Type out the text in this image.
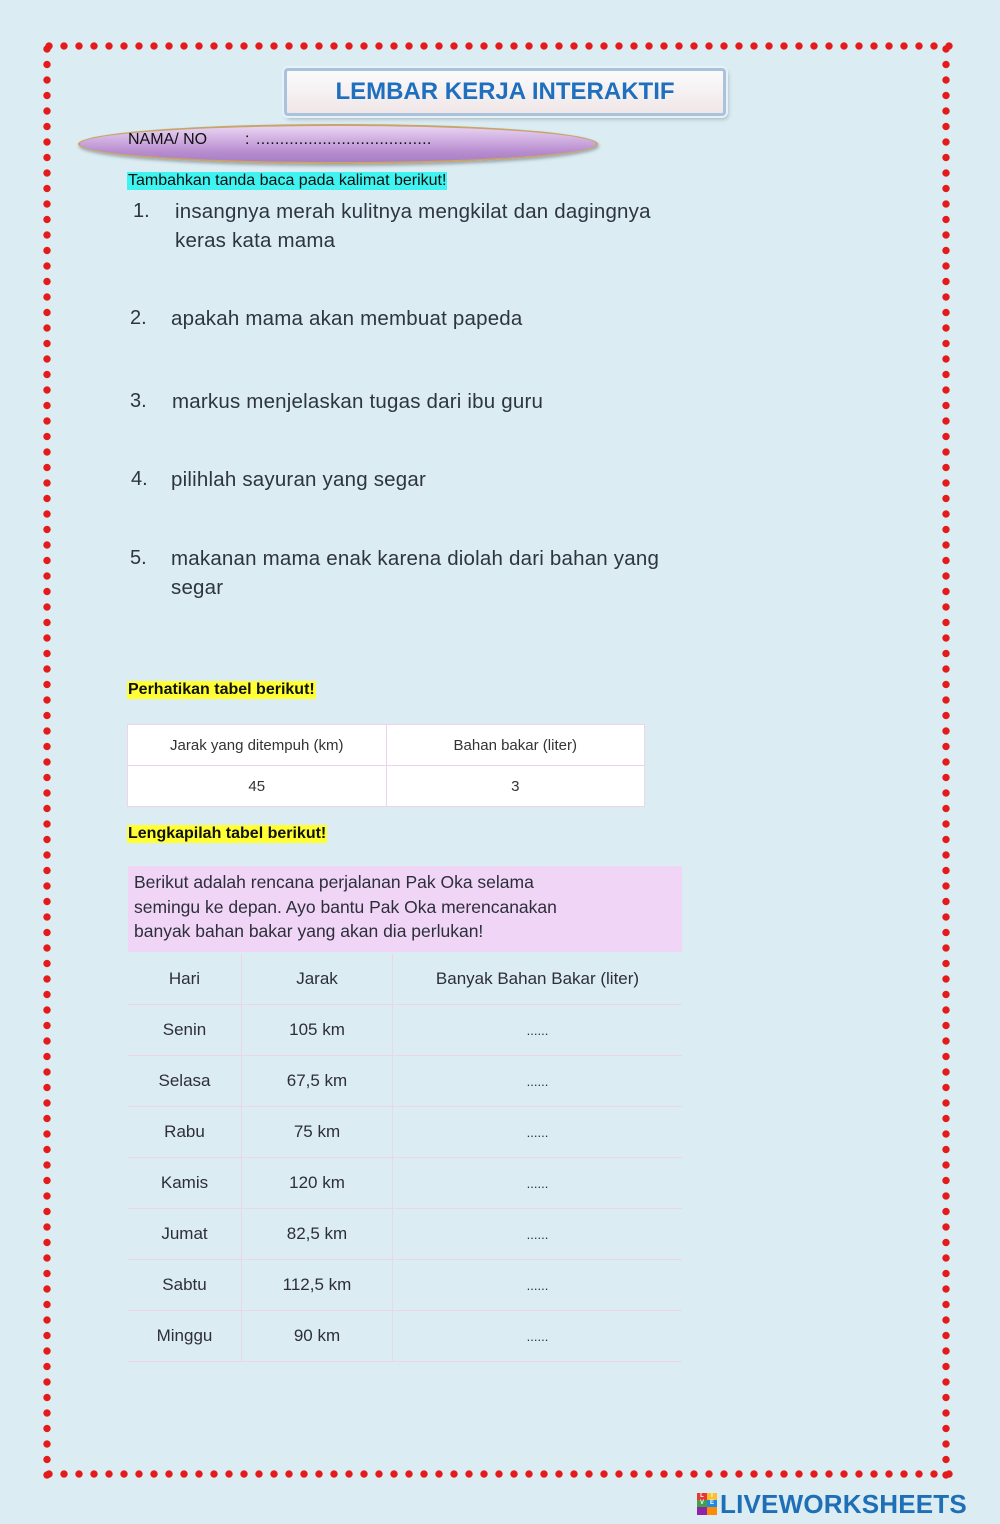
LEMBAR KERJA INTERAKTIF
NAMA/ NO : .....................................
Tambahkan tanda baca pada kalimat berikut!
1. insangnya merah kulitnya mengkilat dan dagingnya
keras kata mama
2. apakah mama akan membuat papeda
3. markus menjelaskan tugas dari ibu guru
4. pilihlah sayuran yang segar
5. makanan mama enak karena diolah dari bahan yang
segar
Perhatikan tabel berikut!
Jarak yang ditempuh (km)	Bahan bakar (liter)
45	3
Lengkapilah tabel berikut!
Berikut adalah rencana perjalanan Pak Oka selama
semingu ke depan. Ayo bantu Pak Oka merencanakan
banyak bahan bakar yang akan dia perlukan!
Hari	Jarak	Banyak Bahan Bakar (liter)
Senin	105 km	......
Selasa	67,5 km	......
Rabu	75 km	......
Kamis	120 km	......
Jumat	82,5 km	......
Sabtu	112,5 km	......
Minggu	90 km	......
L	I
V E LIVEWORKSHEETS
